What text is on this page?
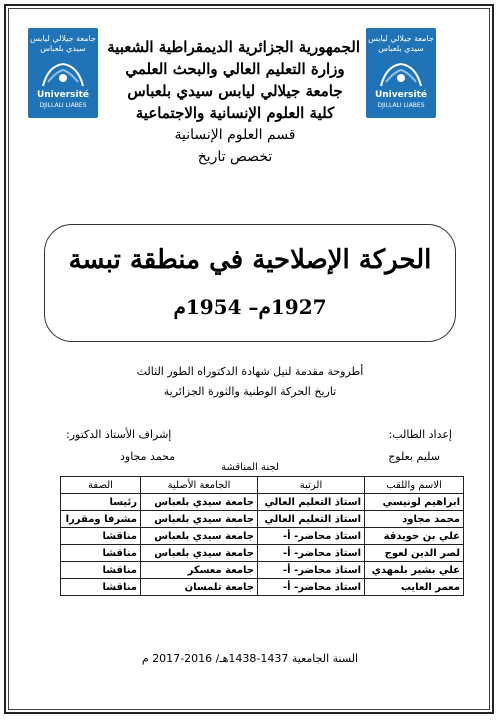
جامعة جيلالي ليابس سيدي بلعباس
Université
DJILLALI LIABES
جامعة جيلالي ليابس سيدي بلعباس
Université
DJILLALI LIABES
الجمهورية الجزائرية الديمقراطية الشعبية
وزارة التعليم العالي والبحث العلمي
جامعة جيلالي ليابس سيدي بلعباس
كلية العلوم الإنسانية والاجتماعية
قسم العلوم الإنسانية
تخصص تاريخ
الحركة الإصلاحية في منطقة تبسة
1927م– 1954م
أطروحة مقدمة لنيل شهادة الدكتوراه الطور الثالث
تاريخ الحركة الوطنية والثورة الجزائرية
إعداد الطالب:
سليم بعلوج
إشراف الأستاذ الدكتور:
محمد مجاود
لجنة المناقشة
الاسم واللقب	الرتبة	الجامعة الأصلية	الصفة
ابراهيم لونيسي	استاذ التعليم العالي	جامعة سيدي بلعباس	رئيسا
محمد مجاود	استاذ التعليم العالي	جامعة سيدي بلعباس	مشرفا ومقررا
علي بن حويدقة	استاذ محاضر- أ-	جامعة سيدي بلعباس	مناقشا
لصر الدين لعوج	استاذ محاضر- أ-	جامعة سيدي بلعباس	مناقشا
علي بشير بلمهدي	استاذ محاضر- أ-	جامعة معسكر	مناقشا
معمر العايب	استاذ محاضر- أ-	جامعة تلمسان	مناقشا
السنة الجامعية 1437-1438هـ/ 2016-2017 م
